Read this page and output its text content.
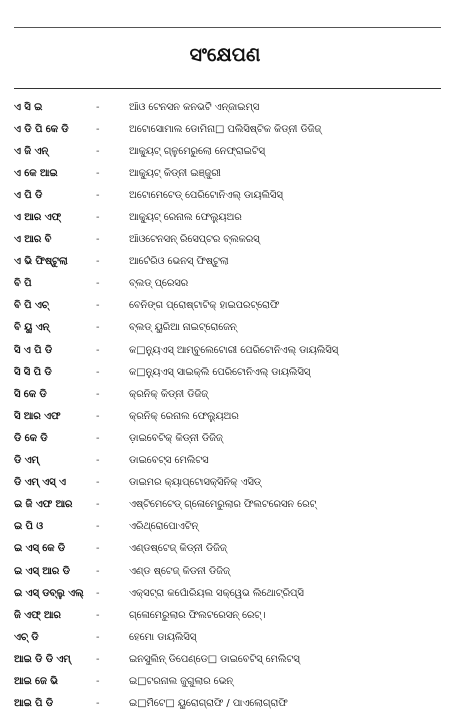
ସଂକ୍ଷେପଣ
ଏ ସି ଇ	-	ଆଁଓ ଟେନସନ କନଭର୍ଟି ଏନ୍ଜାଇମ୍ସ
ଏ ଡି ପି କେ ଡି	-	ଅଟୋସୋମାଲ ଡୋମିନା□ ପଲିସିଷ୍ଟିକ କିଡ୍ନୀ ଡିଜିଜ୍
ଏ ଜି ଏନ୍	-	ଆକ୍ୟୁଟ୍ ଗ୍ଳୁମେରୁଲୋ ନେଫ୍ରାଇଟିସ୍
ଏ କେ ଆଇ	-	ଆକ୍ୟୁଟ୍ କିଡ୍ନୀ ଇଞ୍ଜୁରୀ
ଏ ପି ଡି	-	ଅଟୋମେଟେଡ୍ ପେରିଟୋନିଏଲ୍ ଡାୟଲିସିସ୍
ଏ ଆର ଏଫ୍	-	ଆକ୍ୟୁଟ୍ ରେନାଲ ଫେଲ୍ୟୁଅର
ଏ ଆର ବି	-	ଆଁଓଟେନସନ୍ ରିସେପ୍ଟର ବ୍ଲକରସ୍
ଏ ଭି ଫିଷ୍ଟୁଲା	-	ଆର୍ଟେରିଓ ଭେନସ୍ ଫିଷ୍ଟୁଲା
ବି ପି	-	ବ୍ଲଡ୍ ପ୍ରେସର
ବି ପି ଏଚ୍	-	ବେନିଙ୍ଗ ପ୍ରୋଷ୍ଟାଟିକ୍ ହାଇପରଟ୍ରୋଫି
ବି ୟୁ ଏନ୍	-	ବ୍ଲଡ୍ ୟୁରିଆ ନାଇଟ୍ରୋଜେନ୍
ସି ଏ ପି ଡି	-	କ□ନ୍ୟୁଏସ୍ ଆମ୍ବୁଲେଟୋରୀ ପେରିଟୋନିଏଲ୍ ଡାୟଲିସିସ୍
ସି ସି ପି ଡି	-	କ□ନ୍ୟୁଏସ୍ ସାଇକ୍ଲି ପେରିଟୋନିଏଲ୍ ଡାୟଲିସିସ୍
ସି କେ ଡି	-	କ୍ରନିକ୍ କିଡ୍ନୀ ଡିଜିଜ୍
ସି ଆର ଏଫ	-	କ୍ରନିକ୍ ରେନାଲ ଫେଲ୍ୟୁଅର
ଡି କେ ଡି	-	ଡ଼ାଇବେଟିକ୍ କିଡ୍ନୀ ଡିଜିଜ୍
ଡି ଏମ୍	-	ଡାଇବେଟ୍ସ ମେଲିଟସ
ଡି ଏମ୍ ଏସ୍ ଏ	-	ଡାଇମର କ୍ୟାପ୍ଟୋସକ୍ସିନିକ୍ ଏସିଡ୍
ଇ ଜି ଏଫ ଆର	-	ଏଷ୍ଟିମେଟେଡ୍ ଗ୍ଳୋମେରୁଲାର ଫିଲଟରେସନ ରେଟ୍
ଇ ପି ଓ	-	ଏରିଥ୍ରୋପୋଏଟିନ୍
ଇ ଏସ୍ କେ ଡି	-	ଏଣ୍ଡଷ୍ଟେଜ୍ କିଡ୍ନୀ ଡିଜିଜ୍
ଇ ଏସ୍ ଆର ଡି	-	ଏଣ୍ଡ ଷ୍ଟେଜ୍ କିଡନୀ ଡିଜିଜ୍
ଇ ଏସ୍ ଡବ୍ଲୁ ଏଲ୍	-	ଏକ୍ସଟ୍ରା କର୍ପୋରିୟଲ ସକ୍ୱେଭ ଲିଥୋଟ୍ରିପ୍ସି
ଜି ଏଫ୍ ଆର	-	ଗ୍ଳୋମେରୁଲାର ଫିଲଟରେସନ୍ ରେଟ୍।
ଏଚ୍ ଡି	-	ହେମୋ ଡାୟଲିସିସ୍
ଆଇ ଡି ଡି ଏମ୍	-	ଇନସୁଲିନ୍ ଡିପେଣ୍ଡେ□ ଡାଇବେଟିସ୍ ମେଲିଟସ୍
ଆଇ ଜେ ଭି	-	ଇ□ଟରନାଲ ଜୁଗୁଲାର ଭେନ୍
ଆଇ ପି ଡି	-	ଇ□ର୍ମିଟେ□ ୟୁରୋଗ୍ରାଫି / ପାଏଲୋଗ୍ରାଫି
